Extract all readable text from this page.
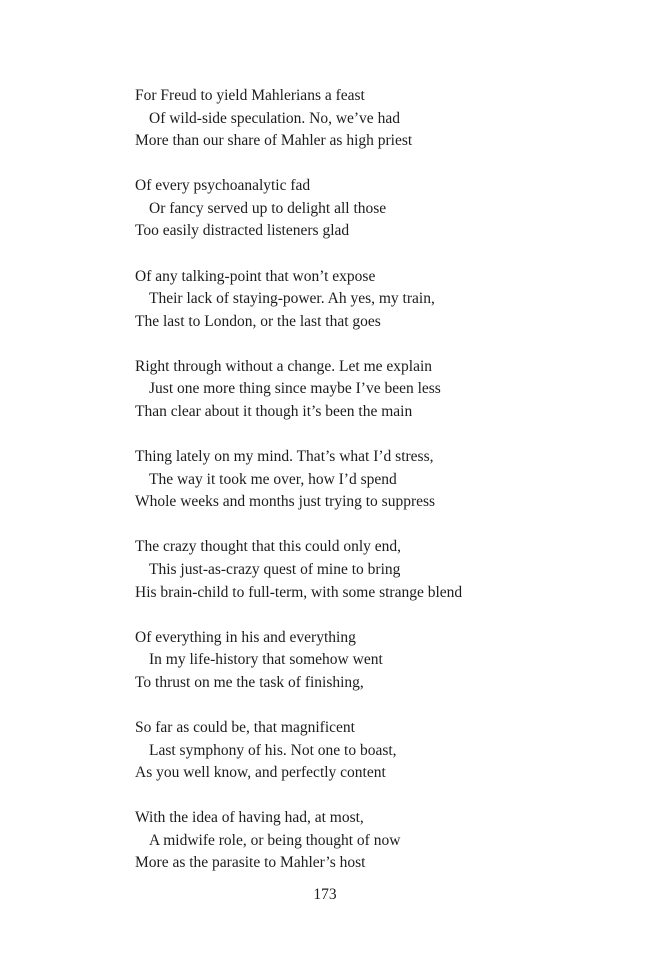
For Freud to yield Mahlerians a feast
Of wild-side speculation. No, we’ve had
More than our share of Mahler as high priest
Of every psychoanalytic fad
Or fancy served up to delight all those
Too easily distracted listeners glad
Of any talking-point that won’t expose
Their lack of staying-power. Ah yes, my train,
The last to London, or the last that goes
Right through without a change. Let me explain
Just one more thing since maybe I’ve been less
Than clear about it though it’s been the main
Thing lately on my mind. That’s what I’d stress,
The way it took me over, how I’d spend
Whole weeks and months just trying to suppress
The crazy thought that this could only end,
This just-as-crazy quest of mine to bring
His brain-child to full-term, with some strange blend
Of everything in his and everything
In my life-history that somehow went
To thrust on me the task of finishing,
So far as could be, that magnificent
Last symphony of his. Not one to boast,
As you well know, and perfectly content
With the idea of having had, at most,
A midwife role, or being thought of now
More as the parasite to Mahler’s host
173
